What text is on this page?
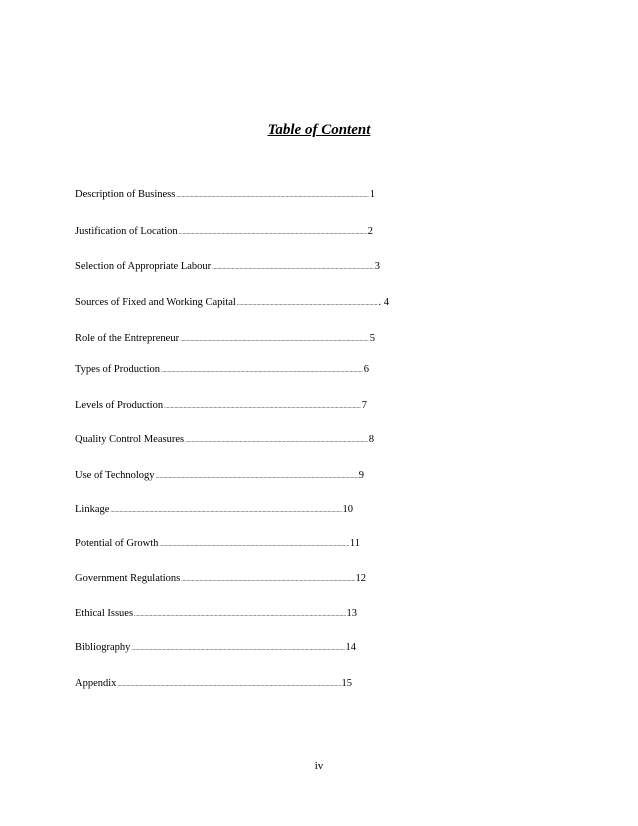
Table of Content
Description of Business .....	1
Justification of Location .....	2
Selection of Appropriate Labour .....	3
Sources of Fixed and Working Capital .....	. 4
Role of the Entrepreneur .....	5
Types of Production .....	6
Levels of Production .....	7
Quality Control Measures .....	8
Use of Technology .....	9
Linkage .....	10
Potential of Growth .....	11
Government Regulations .....	12
Ethical Issues .....	13
Bibliography .....	14
Appendix .....	15
iv
